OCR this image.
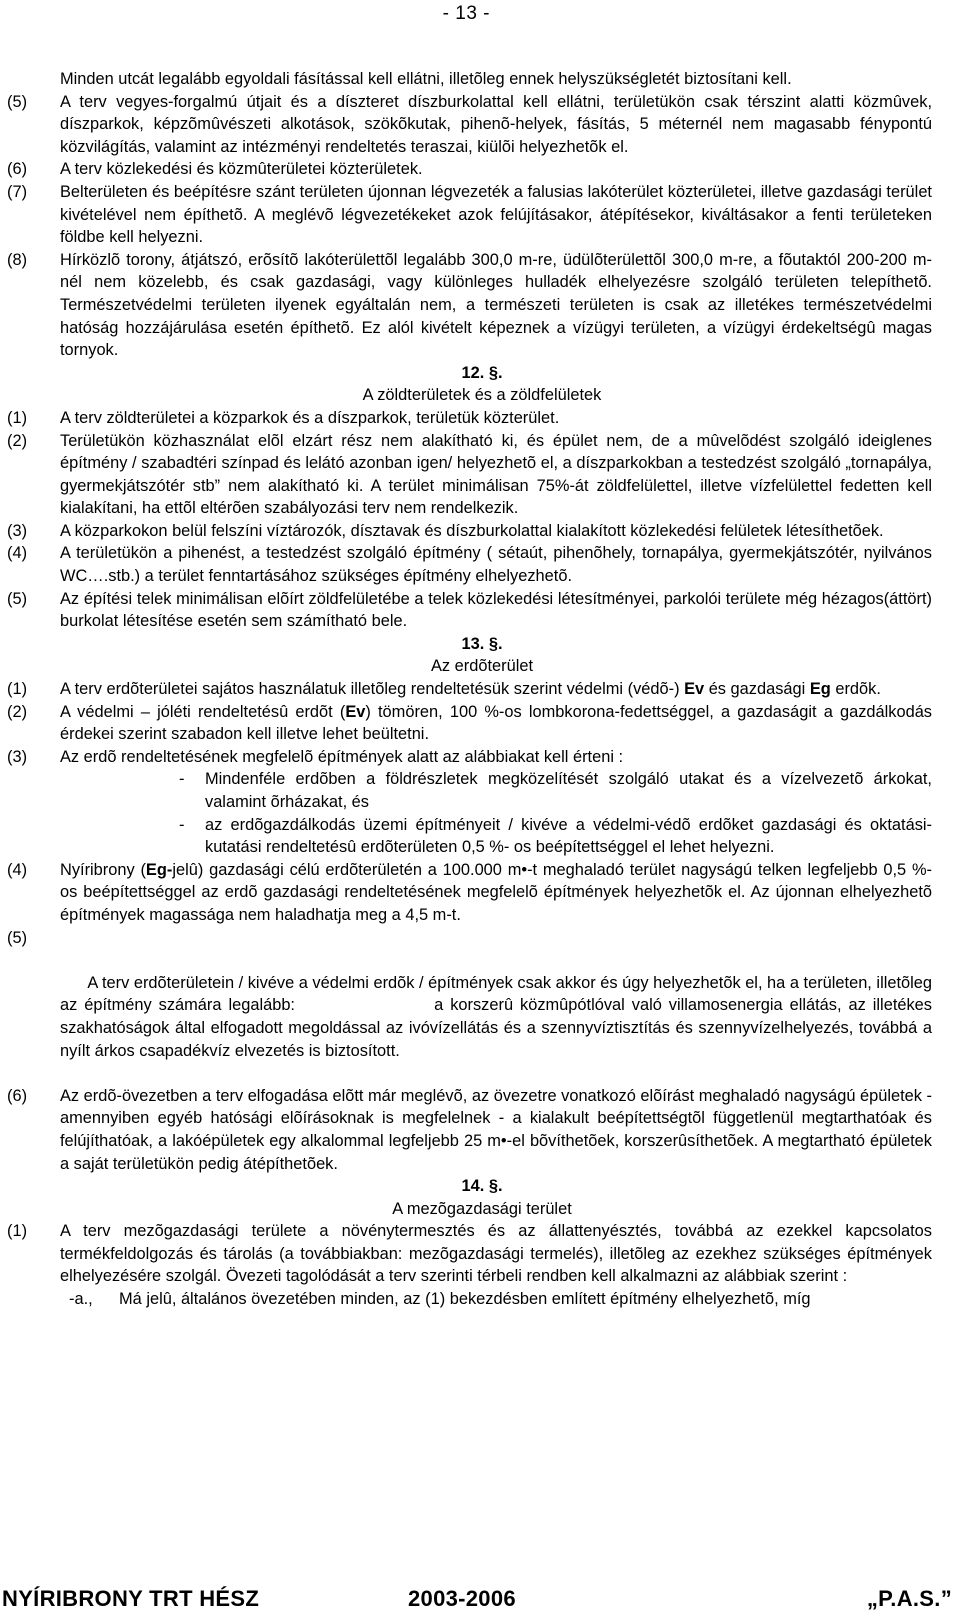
- 13 -
Minden utcát legalább egyoldali fásítással kell ellátni, illetõleg ennek helyszükségletét biztosítani kell.
(5) A terv vegyes-forgalmú útjait és a díszteret díszburkolattal kell ellátni, területükön csak térszint alatti közmûvek, díszparkok, képzõmûvészeti alkotások, szökõkutak, pihenõ-helyek, fásítás, 5 méternél nem magasabb fénypontú közvilágítás, valamint az intézményi rendeltetés teraszai, kiülõi helyezhetõk el.
(6) A terv közlekedési és közmûterületei közterületek.
(7) Belterületen és beépítésre szánt területen újonnan légvezeték a falusias lakóterület közterületei, illetve gazdasági terület kivételével nem építhetõ. A meglévõ légvezetékeket azok felújításakor, átépítésekor, kiváltásakor a fenti területeken földbe kell helyezni.
(8) Hírközlõ torony, átjátszó, erõsítõ lakóterülettõl legalább 300,0 m-re, üdülõterülettõl 300,0 m-re, a fõutaktól 200-200 m-nél nem közelebb, és csak gazdasági, vagy különleges hulladék elhelyezésre szolgáló területen telepíthetõ. Természetvédelmi területen ilyenek egyáltalán nem, a természeti területen is csak az illetékes természetvédelmi hatóság hozzájárulása esetén építhetõ. Ez alól kivételt képeznek a vízügyi területen, a vízügyi érdekeltségû magas tornyok.
12. §.
A zöldterületek és a zöldfelületek
(1) A terv zöldterületei a közparkok és a díszparkok, területük közterület.
(2) Területükön közhasználat elõl elzárt rész nem alakítható ki, és épület nem, de a mûvelõdést szolgáló ideiglenes építmény / szabadtéri színpad és lelátó azonban igen/ helyezhetõ el, a díszparkokban a testedzést szolgáló „tornapálya, gyermekjátszótér stb” nem alakítható ki. A terület minimálisan 75%-át zöldfelülettel, illetve vízfelülettel fedetten kell kialakítani, ha ettõl eltérõen szabályozási terv nem rendelkezik.
(3) A közparkokon belül felszíni víztározók, dísztavak és díszburkolattal kialakított közlekedési felületek létesíthetõek.
(4) A területükön a pihenést, a testedzést szolgáló építmény ( sétaút, pihenõhely, tornapálya, gyermekjátszótér, nyilvános WC….stb.) a terület fenntartásához szükséges építmény elhelyezhetõ.
(5) Az építési telek minimálisan elõírt zöldfelületébe a telek közlekedési létesítményei, parkolói területe még hézagos(áttört) burkolat létesítése esetén sem számítható bele.
13. §.
Az erdõterület
(1) A terv erdõterületei sajátos használatuk illetõleg rendeltetésük szerint védelmi (védõ-) Ev és gazdasági Eg erdõk.
(2) A védelmi – jóléti rendeltetésû erdõt (Ev) tömören, 100 %-os lombkorona-fedettséggel, a gazdaságit a gazdálkodás érdekei szerint szabadon kell illetve lehet beültetni.
(3) Az erdõ rendeltetésének megfelelõ építmények alatt az alábbiakat kell érteni :
- Mindenféle erdõben a földrészletek megközelítését szolgáló utakat és a vízelvezetõ árkokat, valamint õrházakat, és
- az erdõgazdálkodás üzemi építményeit / kivéve a védelmi-védõ erdõket gazdasági és oktatási-kutatási rendeltetésû erdõterületen 0,5 %- os beépítettséggel el lehet helyezni.
(4) Nyíribrony (Eg-jelû) gazdasági célú erdõterületén a 100.000 m•-t meghaladó terület nagyságú telken legfeljebb 0,5 %-os beépítettséggel az erdõ gazdasági rendeltetésének megfelelõ építmények helyezhetõk el. Az újonnan elhelyezhetõ építmények magassága nem haladhatja meg a 4,5 m-t.

(5)

A terv erdõterületein / kivéve a védelmi erdõk / építmények csak akkor és úgy helyezhetõk el, ha a területen, illetõleg az építmény számára legalább:                    a korszerû közmûpótlóval való villamosenergia ellátás, az illetékes szakhatóságok által elfogadott megoldással az ivóvízellátás és a szennyvíztisztítás és szennyvízelhelyezés, továbbá a nyílt árkos csapadékvíz elvezetés is biztosított.

(6) Az erdõ-övezetben a terv elfogadása elõtt már meglévõ, az övezetre vonatkozó elõírást meghaladó nagyságú épületek - amennyiben egyéb hatósági elõírásoknak is megfelelnek - a kialakult beépítettségtõl függetlenül megtarthatóak és felújíthatóak, a lakóépületek egy alkalommal legfeljebb 25 m•-el bõvíthetõek, korszerûsíthetõek. A megtartható épületek a saját területükön pedig átépíthetõek.
14. §.
A mezõgazdasági terület
(1) A terv mezõgazdasági területe a növénytermesztés és az állattenyésztés, továbbá az ezekkel kapcsolatos termékfeldolgozás és tárolás (a továbbiakban: mezõgazdasági termelés), illetõleg az ezekhez szükséges építmények elhelyezésére szolgál. Övezeti tagolódását a terv szerinti térbeli rendben kell alkalmazni az alábbiak szerint :
-a., Má jelû, általános övezetében minden, az (1) bekezdésben említett építmény elhelyezhetõ, míg
NYÍRIBRONY TRT HÉSZ	2003-2006	„P.A.S.”
